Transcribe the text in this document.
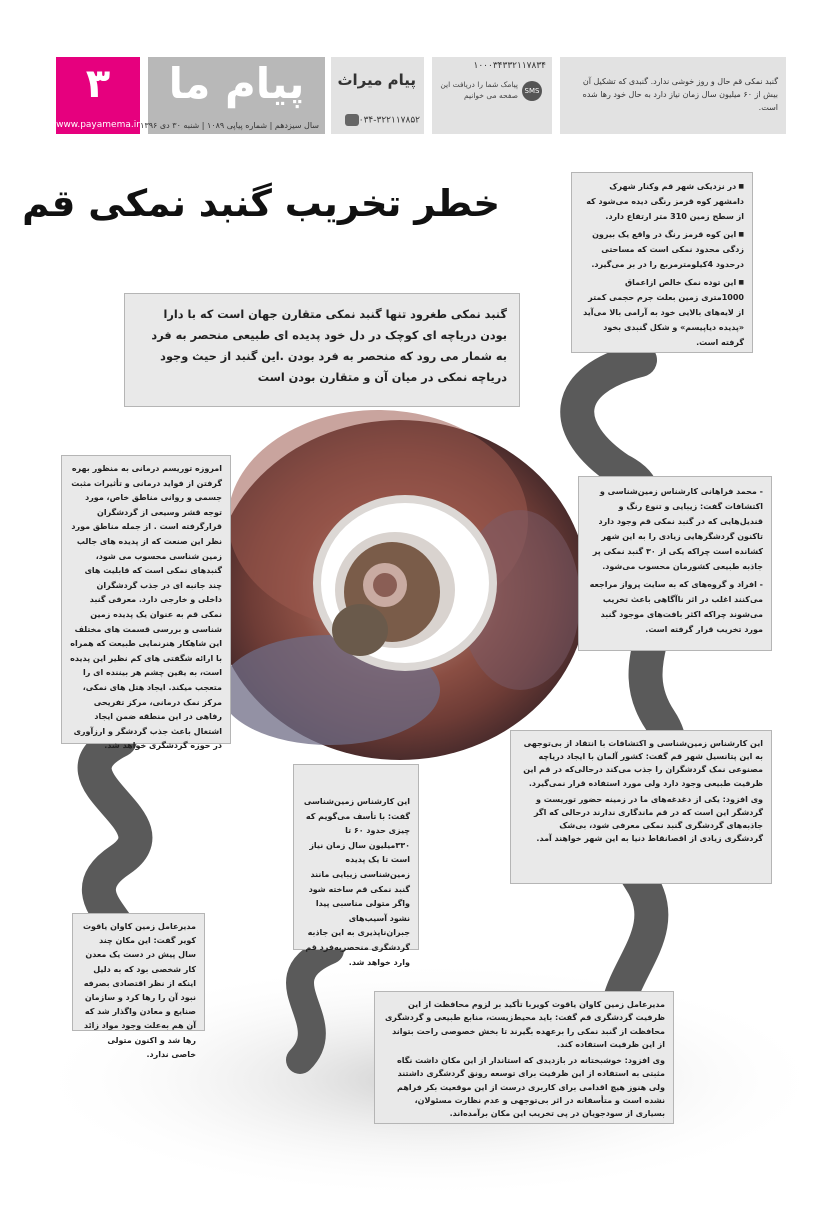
۳
www.payamema.ir
پیام ما
سال سیزدهم | شماره پیاپی ۱۰۸۹ | شنبه ۳۰ دی ۱۳۹۶
پیام میراث
۰۳۴-۳۲۲۱۱۷۸۵۲
۱۰۰۰۳۴۳۳۲۱۱۷۸۳۴
SMS
پیامک شما را دریافت این صفحه می خوانیم
گنبد نمکی قم حال و روز خوشی ندارد. گنبدی که تشکیل آن بیش از ۶۰ میلیون سال زمان نیاز دارد به حال خود رها شده است.
خطر تخریب گنبد نمکی قم

گنبد نمکی طغرود تنها گنبد نمکی متقارن جهان است که با دارا بودن دریاچه ای کوچک در دل خود پدیده ای طبیعی منحصر به فرد به شمار می رود که منحصر به فرد بودن .این گنبد از حیث وجود دریاچه نمکی در میان آن و متقارن بودن است

■ در نزدیکی شهر قم وکنار شهرک دامشهر کوه قرمز رنگی دیده می‌شود که از سطح زمین 310 متر ارتفاع دارد.

■ این کوه قرمز رنگ در واقع یک بیرون زدگی محدود نمکی است که مساحتی درحدود 4کیلومترمربع را در بر می‌گیرد.

■ این توده نمک خالص ازاعماق 1000متری زمین بعلت جرم حجمی کمتر از لایه‌های بالایی خود به آرامی بالا می‌آید «پدیده دیاپیسم» و شکل گنبدی بخود گرفته است.

- محمد فراهانی کارشناس زمین‌شناسی و اکتشافات گفت: زیبایی و تنوع رنگ و قندیل‌هایی که در گنبد نمکی قم وجود دارد تاکنون گردشگرهایی زیادی را به این شهر کشانده است چراکه یکی از ۳۰ گنبد نمکی پر جاذبه طبیعی کشورمان محسوب می‌شود.

- افراد و گروه‌های که به سایت پرواز مراجعه می‌کنند اغلب در اثر ناآگاهی باعث تخریب می‌شوند چراکه اکثر بافت‌های موجود گنبد مورد تخریب قرار گرفته است.

امروزه توریسم درمانی به منظور بهره گرفتن از فواید درمانی و تأثیرات مثبت جسمی و روانی مناطق خاص، مورد توجه قشر وسیعی از گردشگران قرارگرفته است . از جمله مناطق مورد نظر این صنعت که از پدیده های جالب زمین شناسی محسوب می شود، گنبدهای نمکی است که قابلیت های چند جانبه ای در جذب گردشگران داخلی و خارجی دارد. معرفی گنبد نمکی قم به عنوان یک پدیده زمین شناسی و بررسی قسمت های مختلف این شاهکار هنرنمایی طبیعت که همراه با ارائه شگفتی های کم نظیر این پدیده است، به یقین چشم هر بیننده ای را متعجب میکند. ایجاد هتل های نمکی، مرکز نمک درمانی، مرکز تفریحی رفاهی در این منطقه ضمن ایجاد اشتغال باعث جذب گردشگر و ارزآوری در حوزه گردشگری خواهد شد.	این کارشناس زمین‌شناسی و اکتشافات با انتقاد از بی‌توجهی به این پتانسیل شهر قم گفت: کشور آلمان با ایجاد دریاچه مصنوعی نمک گردشگران را جذب می‌کند درحالی‌که در قم این ظرفیت طبیعی وجود دارد ولی مورد استفاده قرار نمی‌گیرد.

وی افزود: یکی از دغدغه‌های ما در زمینه حضور توریست و گردشگر این است که در قم ماندگاری ندارند درحالی که اگر جاذبه‌های گردشگری گنبد نمکی معرفی شود، بی‌شک گردشگری زیادی از اقصانقاط دنیا به این شهر خواهند آمد.

این کارشناس زمین‌شناسی گفت: با تأسف می‌گویم که چیزی حدود ۶۰ تا ۳۳۰میلیون سال زمان نیاز است تا یک پدیده زمین‌شناسی زیبایی مانند گنبد نمکی قم ساخته شود واگر متولی مناسبی پیدا نشود آسیب‌های جبران‌ناپذیری به این جاذبه گردشگری منحصربه‌فرد قم وارد خواهد شد.

مدیرعامل زمین کاوان یاقوت کویر گفت: این مکان چند سال پیش در دست یک معدن کار شخصی بود که به دلیل اینکه از نظر اقتصادی بصرفه نبود آن را رها کرد و سازمان صنایع و معادن واگذار شد که آن هم به‌علت وجود مواد زائد رها شد و اکنون متولی خاصی ندارد.

مدیرعامل زمین کاوان یاقوت کویربا تأکید بر لزوم محافظت از این ظرفیت گردشگری قم گفت: باید محیط‌زیست، منابع طبیعی و گردشگری محافظت از گنبد نمکی را برعهده بگیرند تا بخش خصوصی راحت بتواند از این ظرفیت استفاده کند.

وی افزود: خوشبختانه در بازدیدی که استاندار از این مکان داشت نگاه مثبتی به استفاده از این ظرفیت برای توسعه رونق گردشگری داشتند ولی هنوز هیچ اقدامی برای کاربری درست از این موقعیت بکر فراهم نشده است و متأسفانه در اثر بی‌توجهی و عدم نظارت مسئولان، بسیاری از سودجویان در پی تخریب این مکان برآمده‌اند.
